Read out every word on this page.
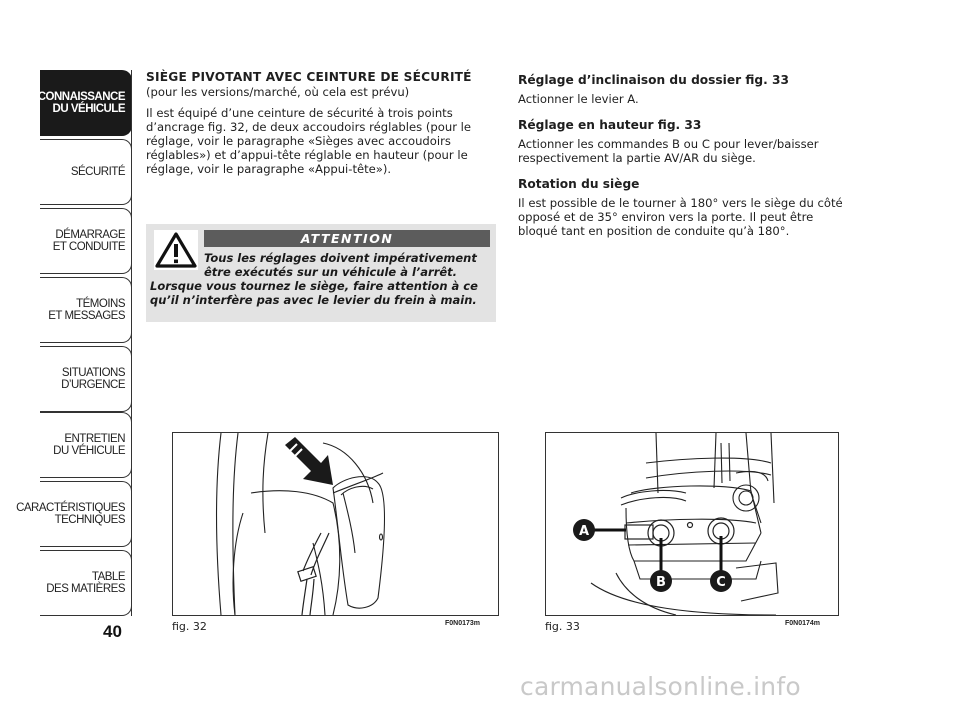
CONNAISSANCE
DU VÉHICULE
SÉCURITÉ
DÉMARRAGE
ET CONDUITE
TÉMOINS
ET MESSAGES
SITUATIONS
D’URGENCE
ENTRETIEN
DU VÉHICULE
CARACTÉRISTIQUES
TECHNIQUES
TABLE
DES MATIÈRES
40
SIÈGE PIVOTANT AVEC CEINTURE DE SÉCURITÉ

(pour les versions/marché, où cela est prévu)

Il est équipé d’une ceinture de sécurité à trois points d’ancrage fig. 32, de deux accoudoirs réglables (pour le réglage, voir le paragraphe «Sièges avec accoudoirs réglables») et d’appui-tête réglable en hauteur (pour le réglage, voir le paragraphe «Appui-tête»).

ATTENTION
Tous les réglages doivent impérativement être exécutés sur un véhicule à l’arrêt.
Lorsque vous tournez le siège, faire attention à ce qu’il n’interfère pas avec le levier du frein à main.
Réglage d’inclinaison du dossier fig. 33

Actionner le levier A.

Réglage en hauteur fig. 33

Actionner les commandes B ou C pour lever/baisser respectivement la partie AV/AR du siège.

Rotation du siège

Il est possible de le tourner à 180° vers le siège du côté opposé et de 35° environ vers la porte. Il peut être bloqué tant en position de conduite qu’à 180°.

fig. 32	F0N0173m
A
B	C
fig. 33	F0N0174m
carmanualsonline.info
